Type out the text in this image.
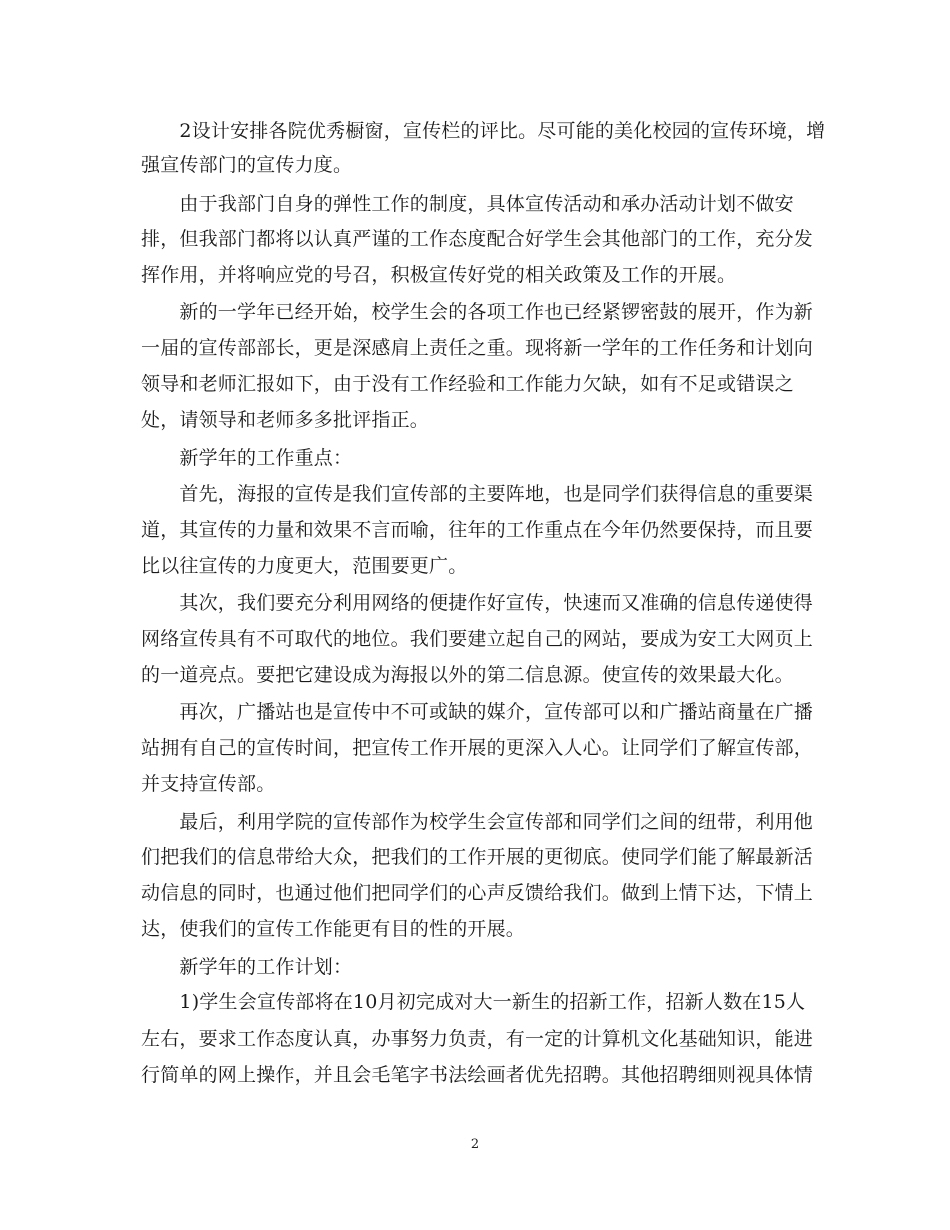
　　2设计安排各院优秀橱窗，宣传栏的评比。尽可能的美化校园的宣传环境，增
强宣传部门的宣传力度。
　　由于我部门自身的弹性工作的制度，具体宣传活动和承办活动计划不做安
排，但我部门都将以认真严谨的工作态度配合好学生会其他部门的工作，充分发
挥作用，并将响应党的号召，积极宣传好党的相关政策及工作的开展。
　　新的一学年已经开始，校学生会的各项工作也已经紧锣密鼓的展开，作为新
一届的宣传部部长，更是深感肩上责任之重。现将新一学年的工作任务和计划向
领导和老师汇报如下，由于没有工作经验和工作能力欠缺，如有不足或错误之
处，请领导和老师多多批评指正。
　　新学年的工作重点：
　　首先，海报的宣传是我们宣传部的主要阵地，也是同学们获得信息的重要渠
道，其宣传的力量和效果不言而喻，往年的工作重点在今年仍然要保持，而且要
比以往宣传的力度更大，范围要更广。
　　其次，我们要充分利用网络的便捷作好宣传，快速而又准确的信息传递使得
网络宣传具有不可取代的地位。我们要建立起自己的网站，要成为安工大网页上
的一道亮点。要把它建设成为海报以外的第二信息源。使宣传的效果最大化。
　　再次，广播站也是宣传中不可或缺的媒介，宣传部可以和广播站商量在广播
站拥有自己的宣传时间，把宣传工作开展的更深入人心。让同学们了解宣传部，
并支持宣传部。
　　最后，利用学院的宣传部作为校学生会宣传部和同学们之间的纽带，利用他
们把我们的信息带给大众，把我们的工作开展的更彻底。使同学们能了解最新活
动信息的同时，也通过他们把同学们的心声反馈给我们。做到上情下达，下情上
达，使我们的宣传工作能更有目的性的开展。
　　新学年的工作计划：
　　1)学生会宣传部将在10月初完成对大一新生的招新工作，招新人数在15人
左右，要求工作态度认真，办事努力负责，有一定的计算机文化基础知识，能进
行简单的网上操作，并且会毛笔字书法绘画者优先招聘。其他招聘细则视具体情
2
